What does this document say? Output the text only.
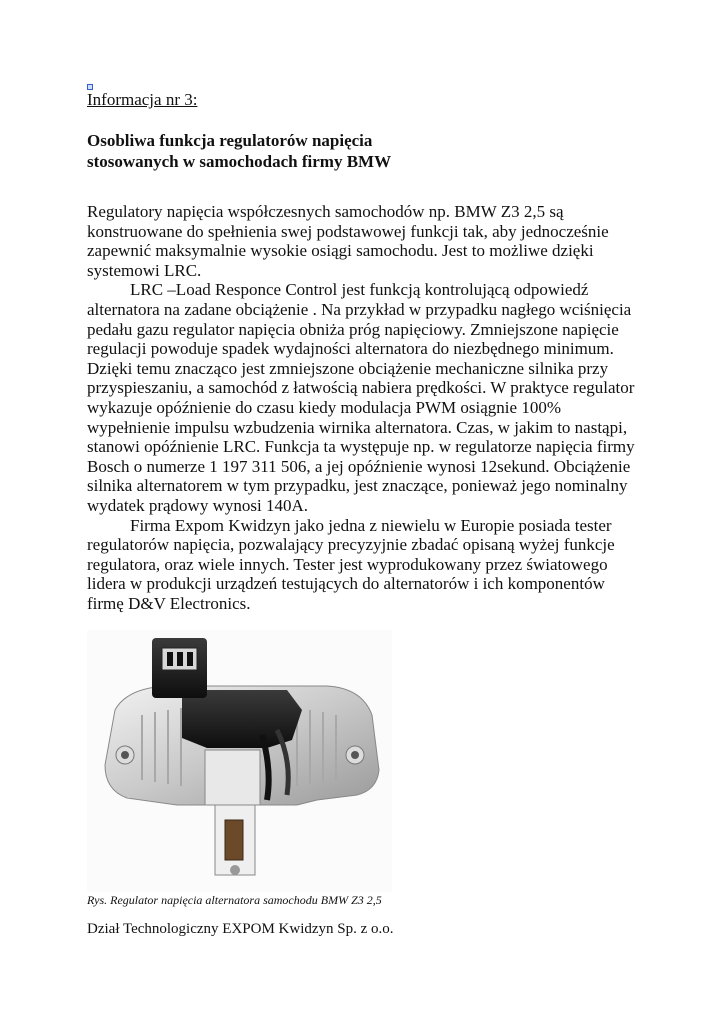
Informacja nr 3:
Osobliwa funkcja regulatorów napięcia
stosowanych w samochodach firmy BMW
Regulatory napięcia współczesnych samochodów np. BMW Z3 2,5 są
konstruowane do spełnienia swej podstawowej funkcji tak, aby jednocześnie
zapewnić maksymalnie wysokie osiągi samochodu. Jest to możliwe dzięki
systemowi LRC.
LRC –Load Responce Control jest funkcją kontrolującą odpowiedź
alternatora na zadane obciążenie . Na przykład w przypadku nagłego wciśnięcia
pedału gazu regulator napięcia obniża próg napięciowy. Zmniejszone napięcie
regulacji powoduje spadek wydajności alternatora do niezbędnego minimum.
Dzięki temu znacząco jest zmniejszone obciążenie mechaniczne silnika przy
przyspieszaniu, a samochód z łatwością nabiera prędkości. W praktyce regulator
wykazuje opóźnienie do czasu kiedy modulacja PWM osiągnie 100%
wypełnienie impulsu wzbudzenia wirnika alternatora. Czas, w jakim to nastąpi,
stanowi opóźnienie LRC. Funkcja ta występuje np. w regulatorze napięcia firmy
Bosch o numerze 1 197 311 506, a jej opóźnienie wynosi 12sekund. Obciążenie
silnika alternatorem w tym przypadku, jest znaczące, ponieważ jego nominalny
wydatek prądowy wynosi 140A.
Firma Expom Kwidzyn jako jedna z niewielu w Europie posiada tester
regulatorów napięcia, pozwalający precyzyjnie zbadać opisaną wyżej funkcje
regulatora, oraz wiele innych. Tester jest wyprodukowany przez światowego
lidera w produkcji urządzeń testujących do alternatorów i ich komponentów
firmę D&V Electronics.
Rys. Regulator napięcia alternatora samochodu BMW Z3 2,5
Dział Technologiczny EXPOM Kwidzyn Sp. z o.o.
